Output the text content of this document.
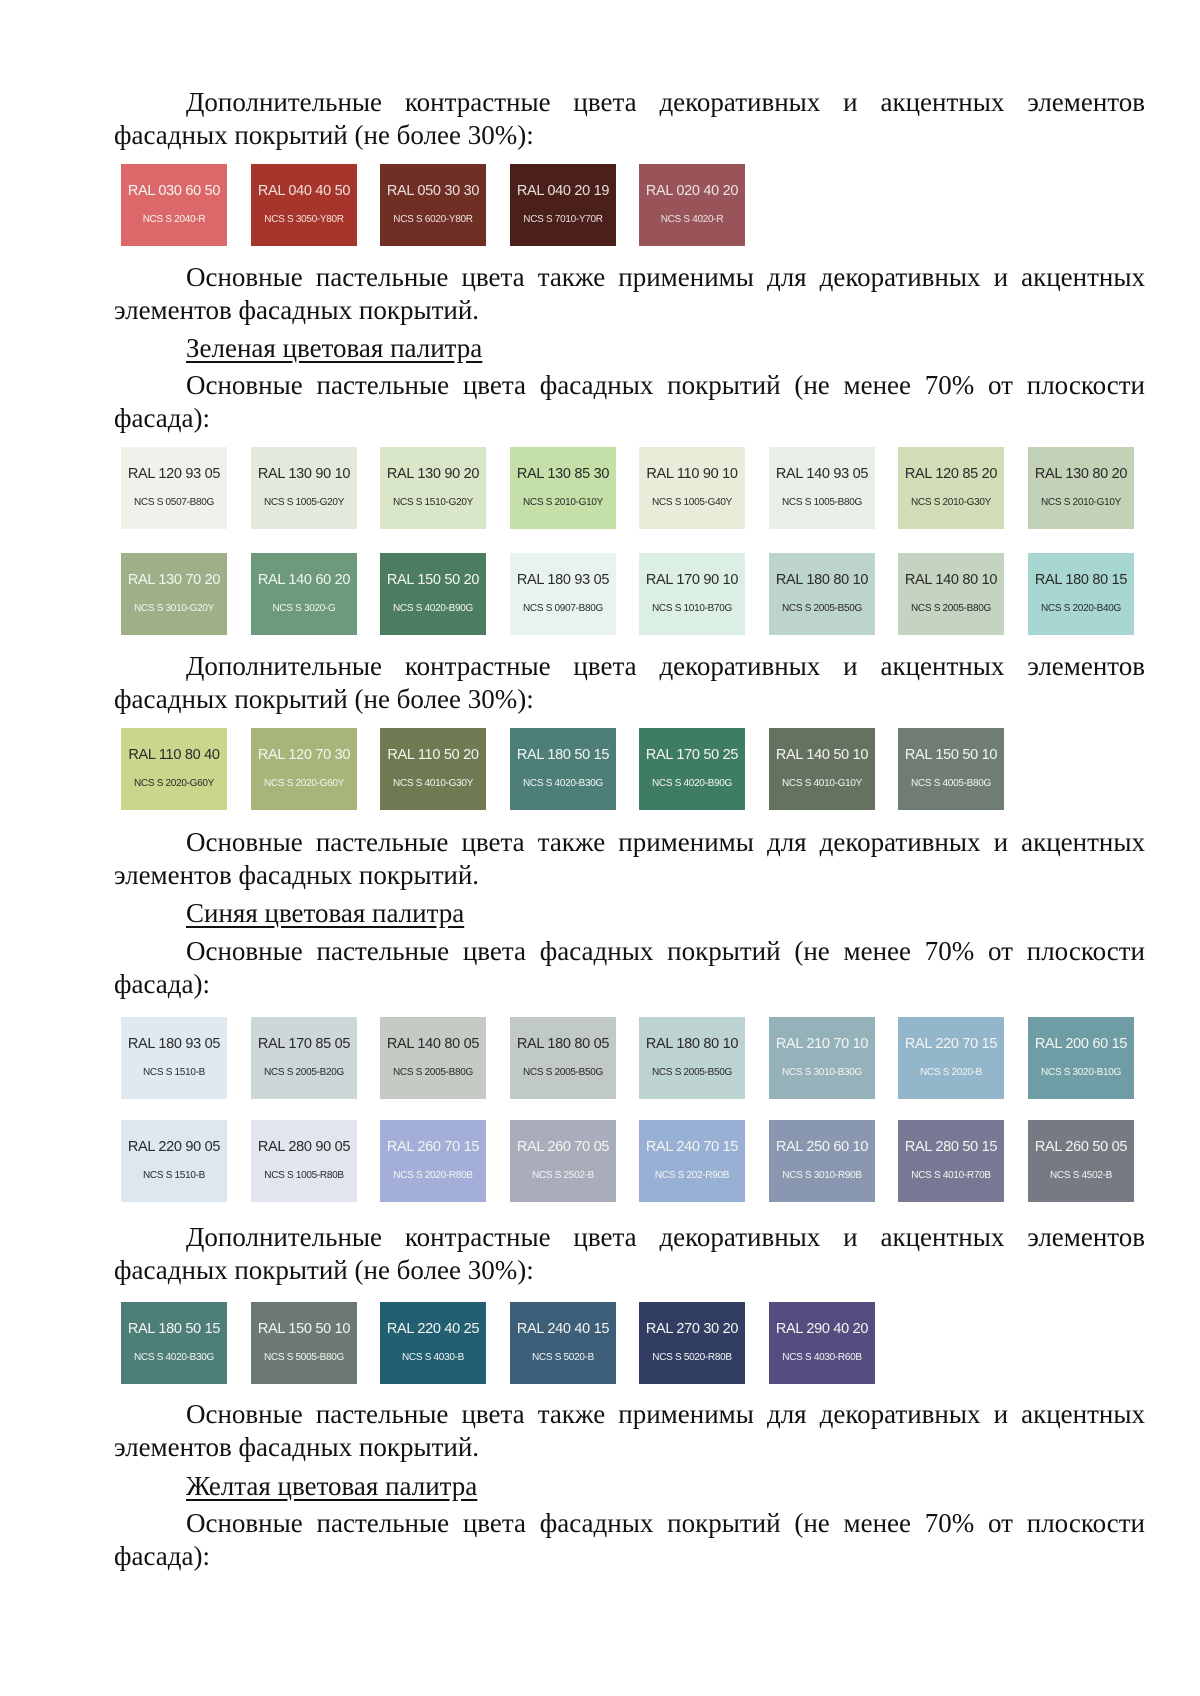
Дополнительные контрастные цвета декоративных и акцентных элементов фасадных покрытий (не более 30%):
RAL 030 60 50
NCS S 2040-R
RAL 040 40 50
NCS S 3050-Y80R
RAL 050 30 30
NCS S 6020-Y80R
RAL 040 20 19
NCS S 7010-Y70R
RAL 020 40 20
NCS S 4020-R
Основные пастельные цвета также применимы для декоративных и акцентных элементов фасадных покрытий.
Зеленая цветовая палитра
Основные пастельные цвета фасадных покрытий (не менее 70% от плоскости фасада):
RAL 120 93 05
NCS S 0507-B80G
RAL 130 90 10
NCS S 1005-G20Y
RAL 130 90 20
NCS S 1510-G20Y
RAL 130 85 30
NCS S 2010-G10Y
RAL 110 90 10
NCS S 1005-G40Y
RAL 140 93 05
NCS S 1005-B80G
RAL 120 85 20
NCS S 2010-G30Y
RAL 130 80 20
NCS S 2010-G10Y
RAL 130 70 20
NCS S 3010-G20Y
RAL 140 60 20
NCS S 3020-G
RAL 150 50 20
NCS S 4020-B90G
RAL 180 93 05
NCS S 0907-B80G
RAL 170 90 10
NCS S 1010-B70G
RAL 180 80 10
NCS S 2005-B50G
RAL 140 80 10
NCS S 2005-B80G
RAL 180 80 15
NCS S 2020-B40G
Дополнительные контрастные цвета декоративных и акцентных элементов фасадных покрытий (не более 30%):
RAL 110 80 40
NCS S 2020-G60Y
RAL 120 70 30
NCS S 2020-G60Y
RAL 110 50 20
NCS S 4010-G30Y
RAL 180 50 15
NCS S 4020-B30G
RAL 170 50 25
NCS S 4020-B90G
RAL 140 50 10
NCS S 4010-G10Y
RAL 150 50 10
NCS S 4005-B80G
Основные пастельные цвета также применимы для декоративных и акцентных элементов фасадных покрытий.
Синяя цветовая палитра
Основные пастельные цвета фасадных покрытий (не менее 70% от плоскости фасада):
RAL 180 93 05
NCS S 1510-B
RAL 170 85 05
NCS S 2005-B20G
RAL 140 80 05
NCS S 2005-B80G
RAL 180 80 05
NCS S 2005-B50G
RAL 180 80 10
NCS S 2005-B50G
RAL 210 70 10
NCS S 3010-B30G
RAL 220 70 15
NCS S 2020-B
RAL 200 60 15
NCS S 3020-B10G
RAL 220 90 05
NCS S 1510-B
RAL 280 90 05
NCS S 1005-R80B
RAL 260 70 15
NCS S 2020-R80B
RAL 260 70 05
NCS S 2502-B
RAL 240 70 15
NCS S 202-R90B
RAL 250 60 10
NCS S 3010-R90B
RAL 280 50 15
NCS S 4010-R70B
RAL 260 50 05
NCS S 4502-B
Дополнительные контрастные цвета декоративных и акцентных элементов фасадных покрытий (не более 30%):
RAL 180 50 15
NCS S 4020-B30G
RAL 150 50 10
NCS S 5005-B80G
RAL 220 40 25
NCS S 4030-B
RAL 240 40 15
NCS S 5020-B
RAL 270 30 20
NCS S 5020-R80B
RAL 290 40 20
NCS S 4030-R60B
Основные пастельные цвета также применимы для декоративных и акцентных элементов фасадных покрытий.
Желтая цветовая палитра
Основные пастельные цвета фасадных покрытий (не менее 70% от плоскости фасада):
